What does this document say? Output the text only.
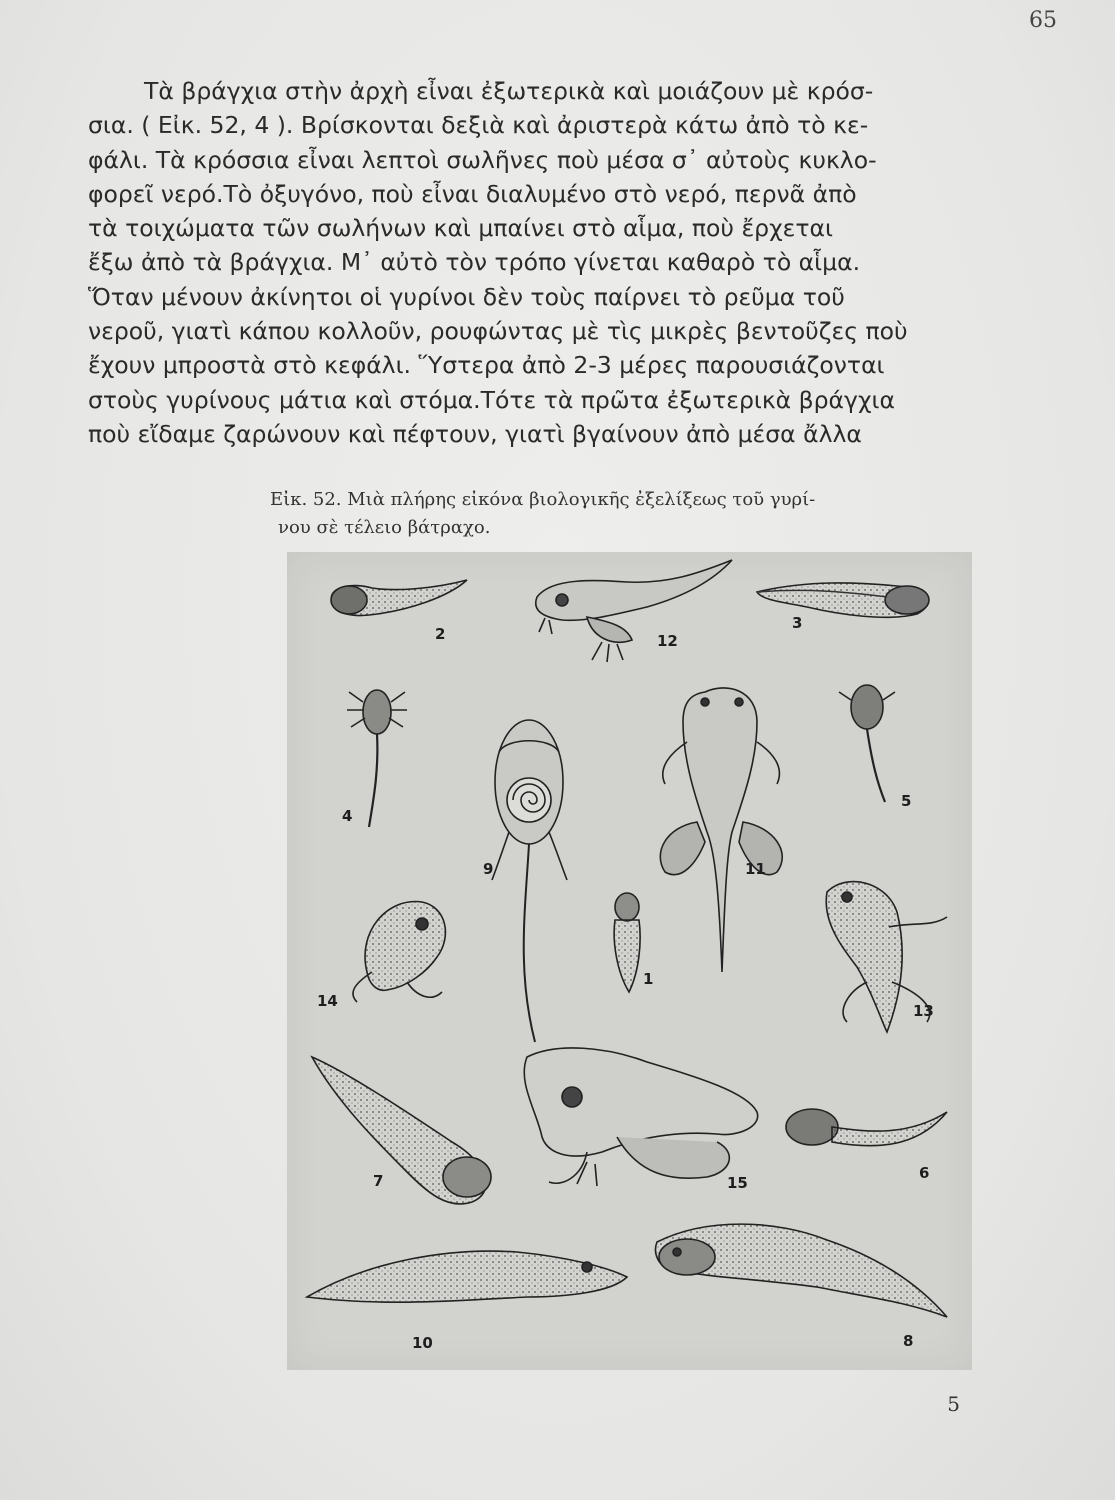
65
Τὰ βράγχια στὴν ἀρχὴ εἶναι ἐξωτερικὰ καὶ μοιάζουν μὲ κρόσ-
σια. ( Εἰκ. 52, 4 ). Βρίσκονται δεξιὰ καὶ ἀριστερὰ κάτω ἀπὸ τὸ κε-
φάλι. Τὰ κρόσσια εἶναι λεπτοὶ σωλῆνες ποὺ μέσα σ᾽ αὐτοὺς κυκλο-
φορεῖ νερό.Τὸ ὀξυγόνο, ποὺ εἶναι διαλυμένο στὸ νερό, περνᾶ ἀπὸ
τὰ τοιχώματα τῶν σωλήνων καὶ μπαίνει στὸ αἷμα, ποὺ ἔρχεται
ἔξω ἀπὸ τὰ βράγχια. Μ᾽ αὐτὸ τὸν τρόπο γίνεται καθαρὸ τὸ αἷμα.
Ὅταν μένουν ἀκίνητοι οἱ γυρίνοι δὲν τοὺς παίρνει τὸ ρεῦμα τοῦ
νεροῦ, γιατὶ κάπου κολλοῦν, ρουφώντας μὲ τὶς μικρὲς βεντοῦζες ποὺ
ἔχουν μπροστὰ στὸ κεφάλι. Ὕστερα ἀπὸ 2-3 μέρες παρουσιάζονται
στοὺς γυρίνους μάτια καὶ στόμα.Τότε τὰ πρῶτα ἐξωτερικὰ βράγχια
ποὺ εἴδαμε ζαρώνουν καὶ πέφτουν, γιατὶ βγαίνουν ἀπὸ μέσα ἄλλα
Εἰκ. 52. Μιὰ πλήρης εἰκόνα βιολογικῆς ἐξελίξεως τοῦ γυρί-
νου σὲ τέλειο βάτραχο.
2	12
3
4
9	11
5
1
14
13
7	15
6
10	8
5
